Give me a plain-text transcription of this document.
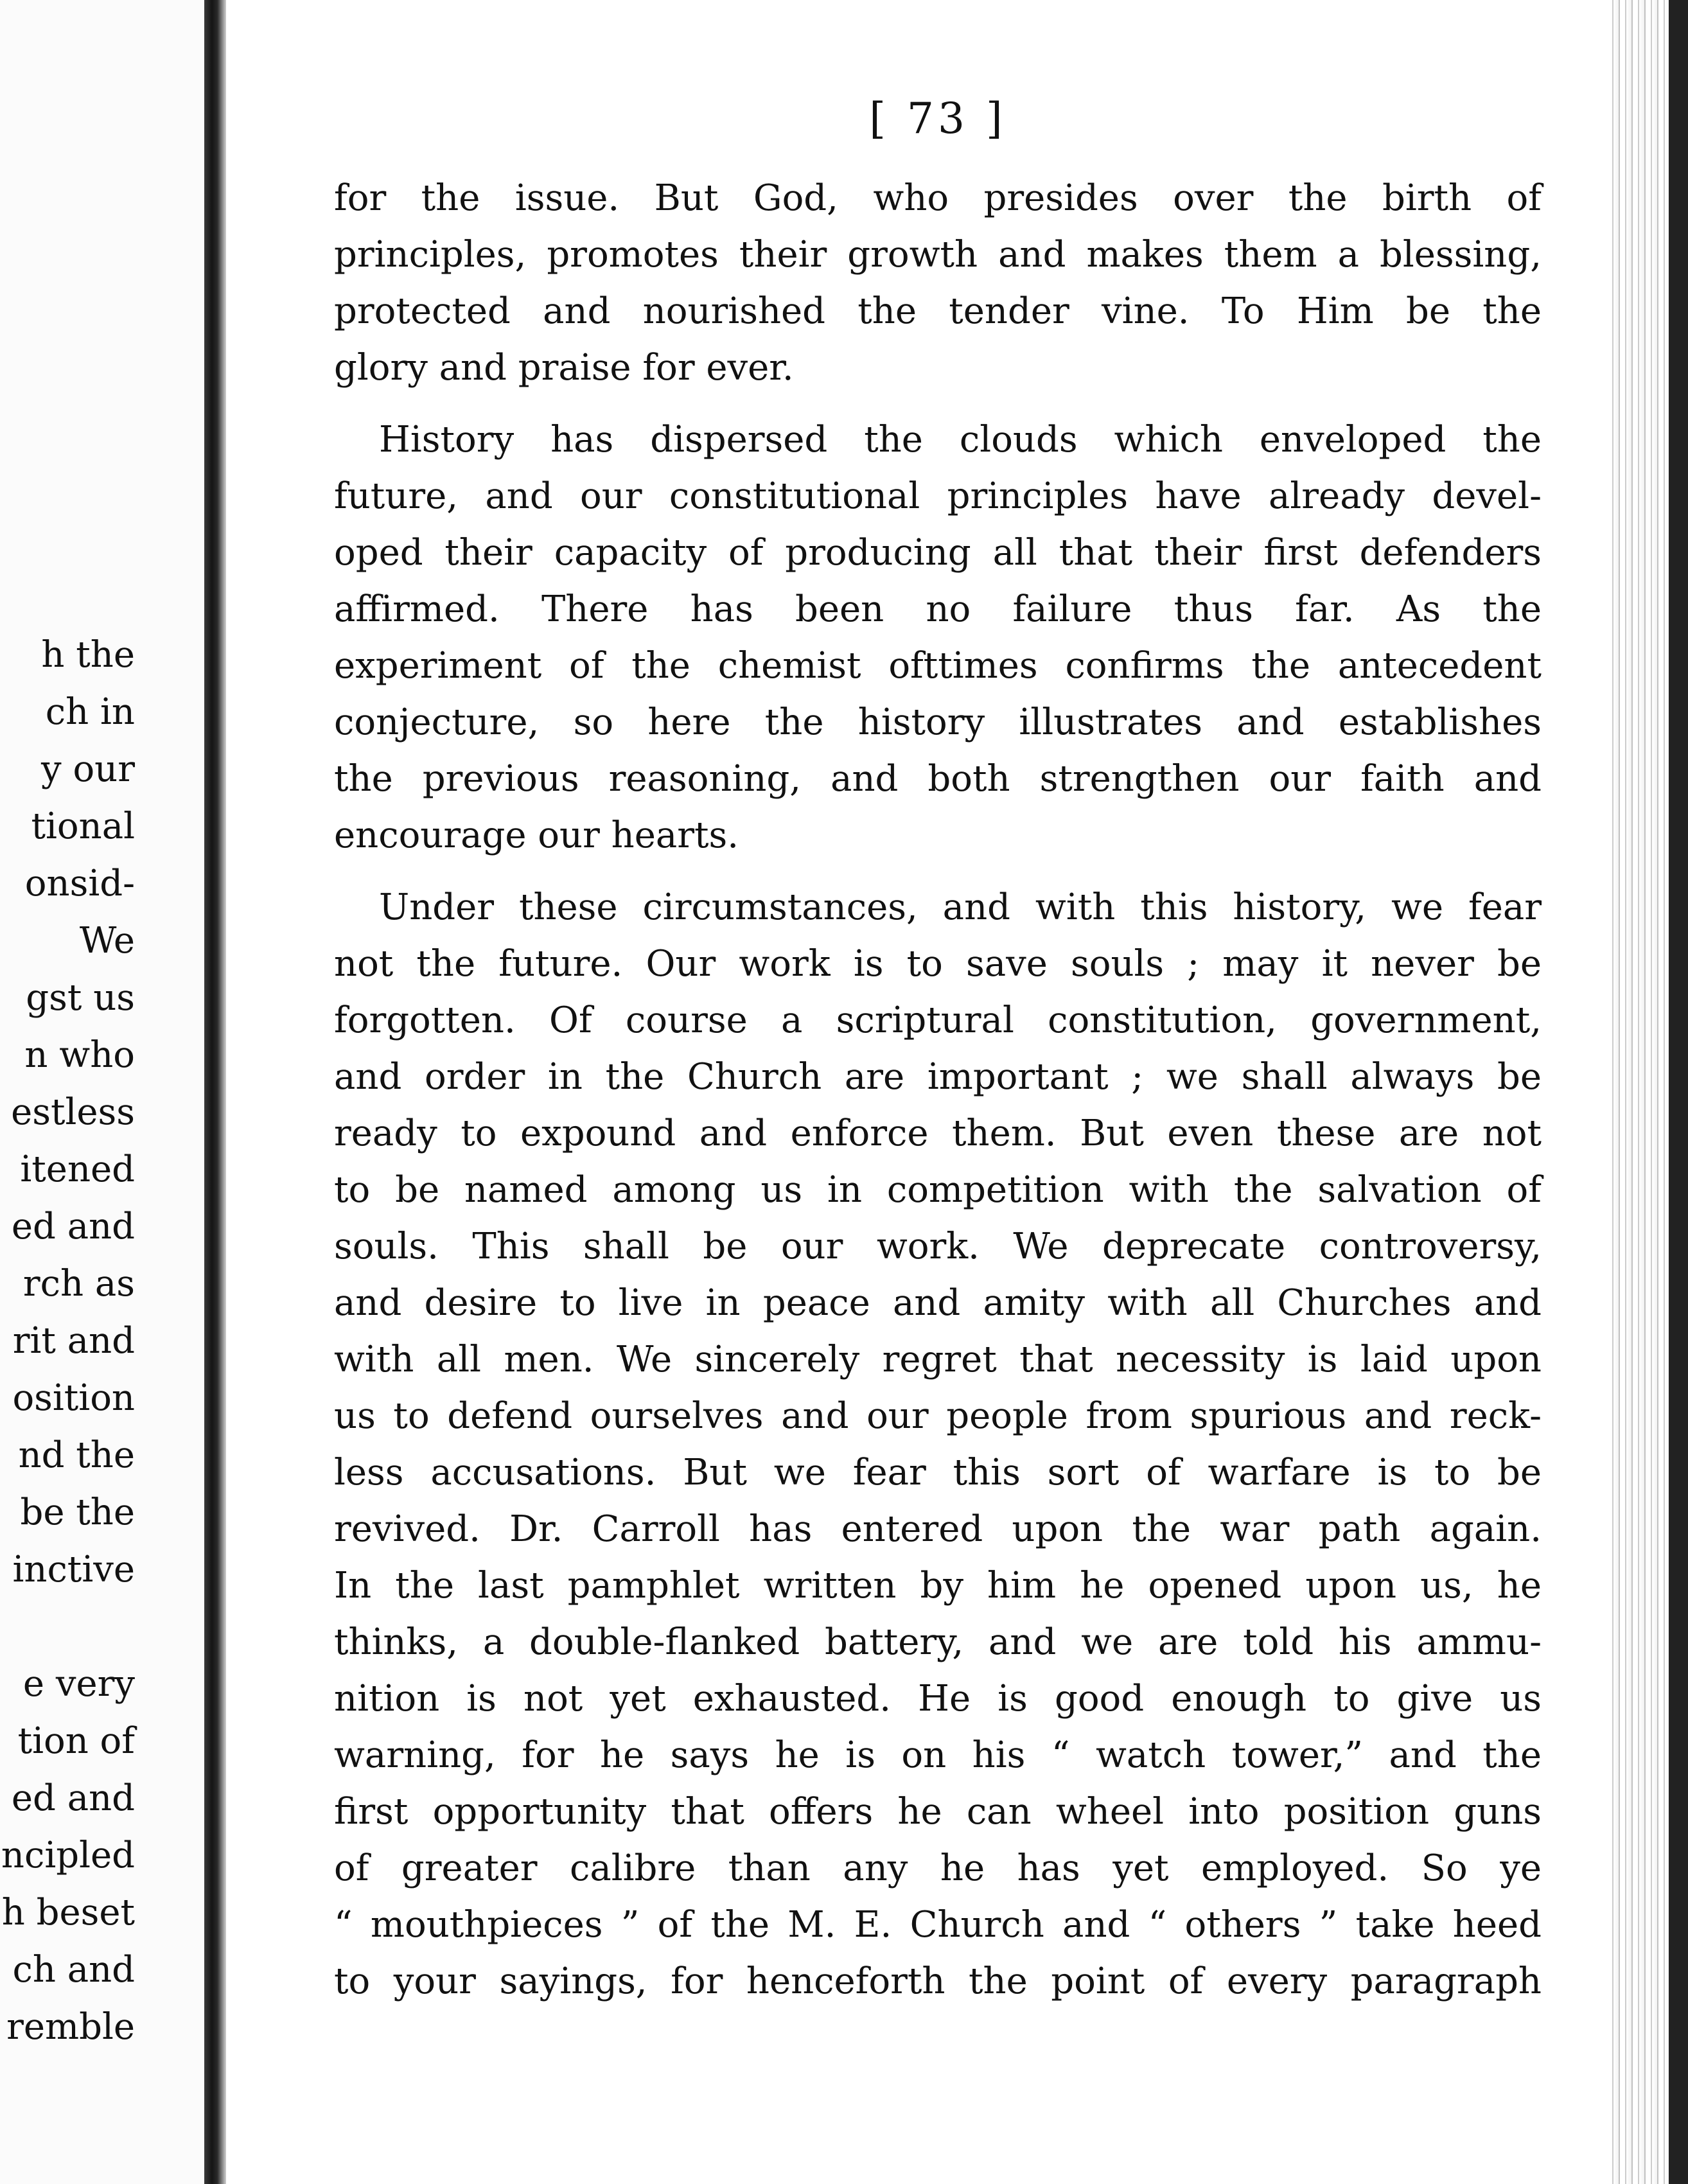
h the
ch in
y our
tional
onsid-
We
gst us
n who
estless
itened
ed and
rch as
rit and
osition
nd the
be the
inctive

e very
tion of
ed and
ncipled
h beset
ch and
remble
[ 73 ]
for the issue. But God, who presides over the birth of
principles, promotes their growth and makes them a blessing,
protected and nourished the tender vine. To Him be the
glory and praise for ever.
History has dispersed the clouds which enveloped the
future, and our constitutional principles have already devel-
oped their capacity of producing all that their first defenders
affirmed. There has been no failure thus far. As the
experiment of the chemist ofttimes confirms the antecedent
conjecture, so here the history illustrates and establishes
the previous reasoning, and both strengthen our faith and
encourage our hearts.
Under these circumstances, and with this history, we fear
not the future. Our work is to save souls ; may it never be
forgotten. Of course a scriptural constitution, government,
and order in the Church are important ; we shall always be
ready to expound and enforce them. But even these are not
to be named among us in competition with the salvation of
souls. This shall be our work. We deprecate controversy,
and desire to live in peace and amity with all Churches and
with all men. We sincerely regret that necessity is laid upon
us to defend ourselves and our people from spurious and reck-
less accusations. But we fear this sort of warfare is to be
revived. Dr. Carroll has entered upon the war path again.
In the last pamphlet written by him he opened upon us, he
thinks, a double-flanked battery, and we are told his ammu-
nition is not yet exhausted. He is good enough to give us
warning, for he says he is on his “ watch tower,” and the
first opportunity that offers he can wheel into position guns
of greater calibre than any he has yet employed. So ye
“ mouthpieces ” of the M. E. Church and “ others ” take heed
to your sayings, for henceforth the point of every paragraph
